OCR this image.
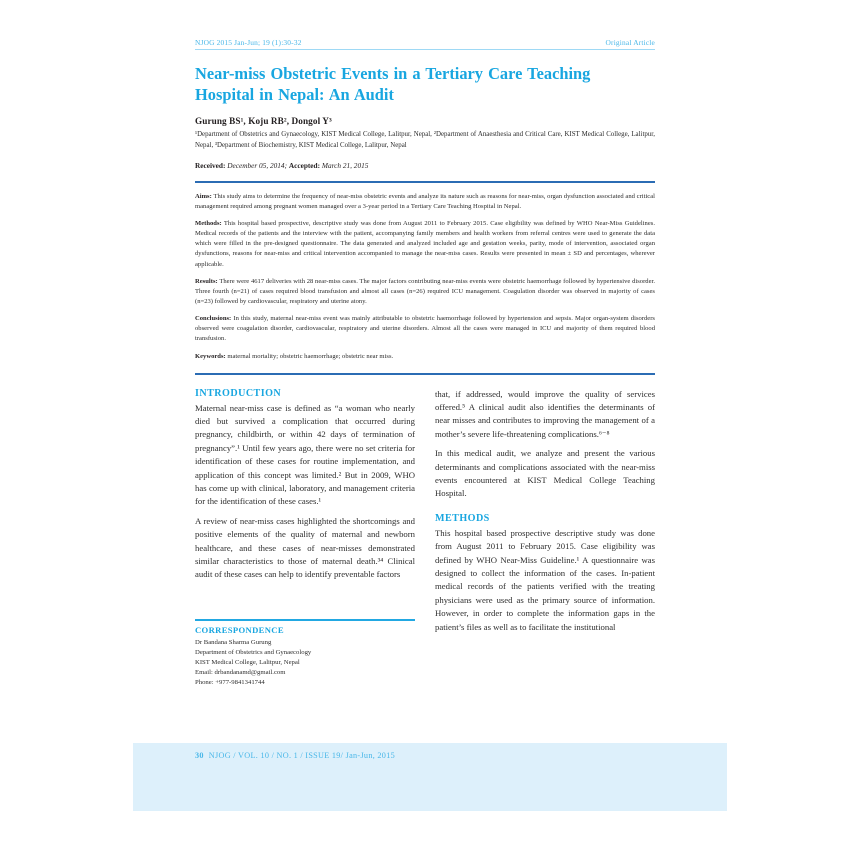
NJOG 2015 Jan-Jun; 19 (1):30-32	Original Article
Near-miss Obstetric Events in a Tertiary Care Teaching
Hospital in Nepal: An Audit
Gurung BS¹, Koju RB², Dongol Y³
¹Department of Obstetrics and Gynaecology, KIST Medical College, Lalitpur, Nepal, ²Department of Anaesthesia and Critical Care, KIST Medical College, Lalitpur, Nepal, ³Department of Biochemistry, KIST Medical College, Lalitpur, Nepal
Received: December 05, 2014; Accepted: March 21, 2015

Aims: This study aims to determine the frequency of near-miss obstetric events and analyze its nature such as reasons for near-miss, organ dysfunction associated and critical management required among pregnant women managed over a 3-year period in a Tertiary Care Teaching Hospital in Nepal.

Methods: This hospital based prospective, descriptive study was done from August 2011 to February 2015. Case eligibility was defined by WHO Near-Miss Guidelines. Medical records of the patients and the interview with the patient, accompanying family members and health workers from referral centres were used to generate the data which were filled in the pre-designed questionnaire. The data generated and analyzed included age and gestation weeks, parity, mode of intervention, associated organ dysfunctions, reasons for near-miss and critical intervention accompanied to manage the near-miss cases. Results were presented in mean ± SD and percentages, wherever applicable.

Results: There were 4617 deliveries with 28 near-miss cases. The major factors contributing near-miss events were obstetric haemorrhage followed by hypertensive disorder. Three fourth (n=21) of cases required blood transfusion and almost all cases (n=26) required ICU management. Coagulation disorder was observed in majority of cases (n=23) followed by cardiovascular, respiratory and uterine atony.

Conclusions: In this study, maternal near-miss event was mainly attributable to obstetric haemorrhage followed by hypertension and sepsis. Major organ-system disorders observed were coagulation disorder, cardiovascular, respiratory and uterine disorders. Almost all the cases were managed in ICU and majority of them required blood transfusion.

Keywords: maternal mortality; obstetric haemorrhage; obstetric near miss.

INTRODUCTION

Maternal near-miss case is defined as “a woman who nearly died but survived a complication that occurred during pregnancy, childbirth, or within 42 days of termination of pregnancy”.¹ Until few years ago, there were no set criteria for identification of these cases for routine implementation, and application of this concept was limited.² But in 2009, WHO has come up with clinical, laboratory, and management criteria for the identification of these cases.¹

A review of near-miss cases highlighted the shortcomings and positive elements of the quality of maternal and newborn healthcare, and these cases of near-misses demonstrated similar characteristics to those of maternal death.³⁴ Clinical audit of these cases can help to identify preventable factors

CORRESPONDENCE
Dr Bandana Sharma Gurung
Department of Obstetrics and Gynaecology
KIST Medical College, Lalitpur, Nepal
Email: drbandanamd@gmail.com
Phone: +977-9841341744

that, if addressed, would improve the quality of services offered.⁵ A clinical audit also identifies the determinants of near misses and contributes to improving the management of a mother’s severe life-threatening complications.⁶⁻⁸

In this medical audit, we analyze and present the various determinants and complications associated with the near-miss events encountered at KIST Medical College Teaching Hospital.

METHODS

This hospital based prospective descriptive study was done from August 2011 to February 2015. Case eligibility was defined by WHO Near-Miss Guideline.¹ A questionnaire was designed to collect the information of the cases. In-patient medical records of the patients verified with the treating physicians were used as the primary source of information. However, in order to complete the information gaps in the patient’s files as well as to facilitate the institutional

30 NJOG / VOL. 10 / NO. 1 / ISSUE 19/ Jan-Jun, 2015
